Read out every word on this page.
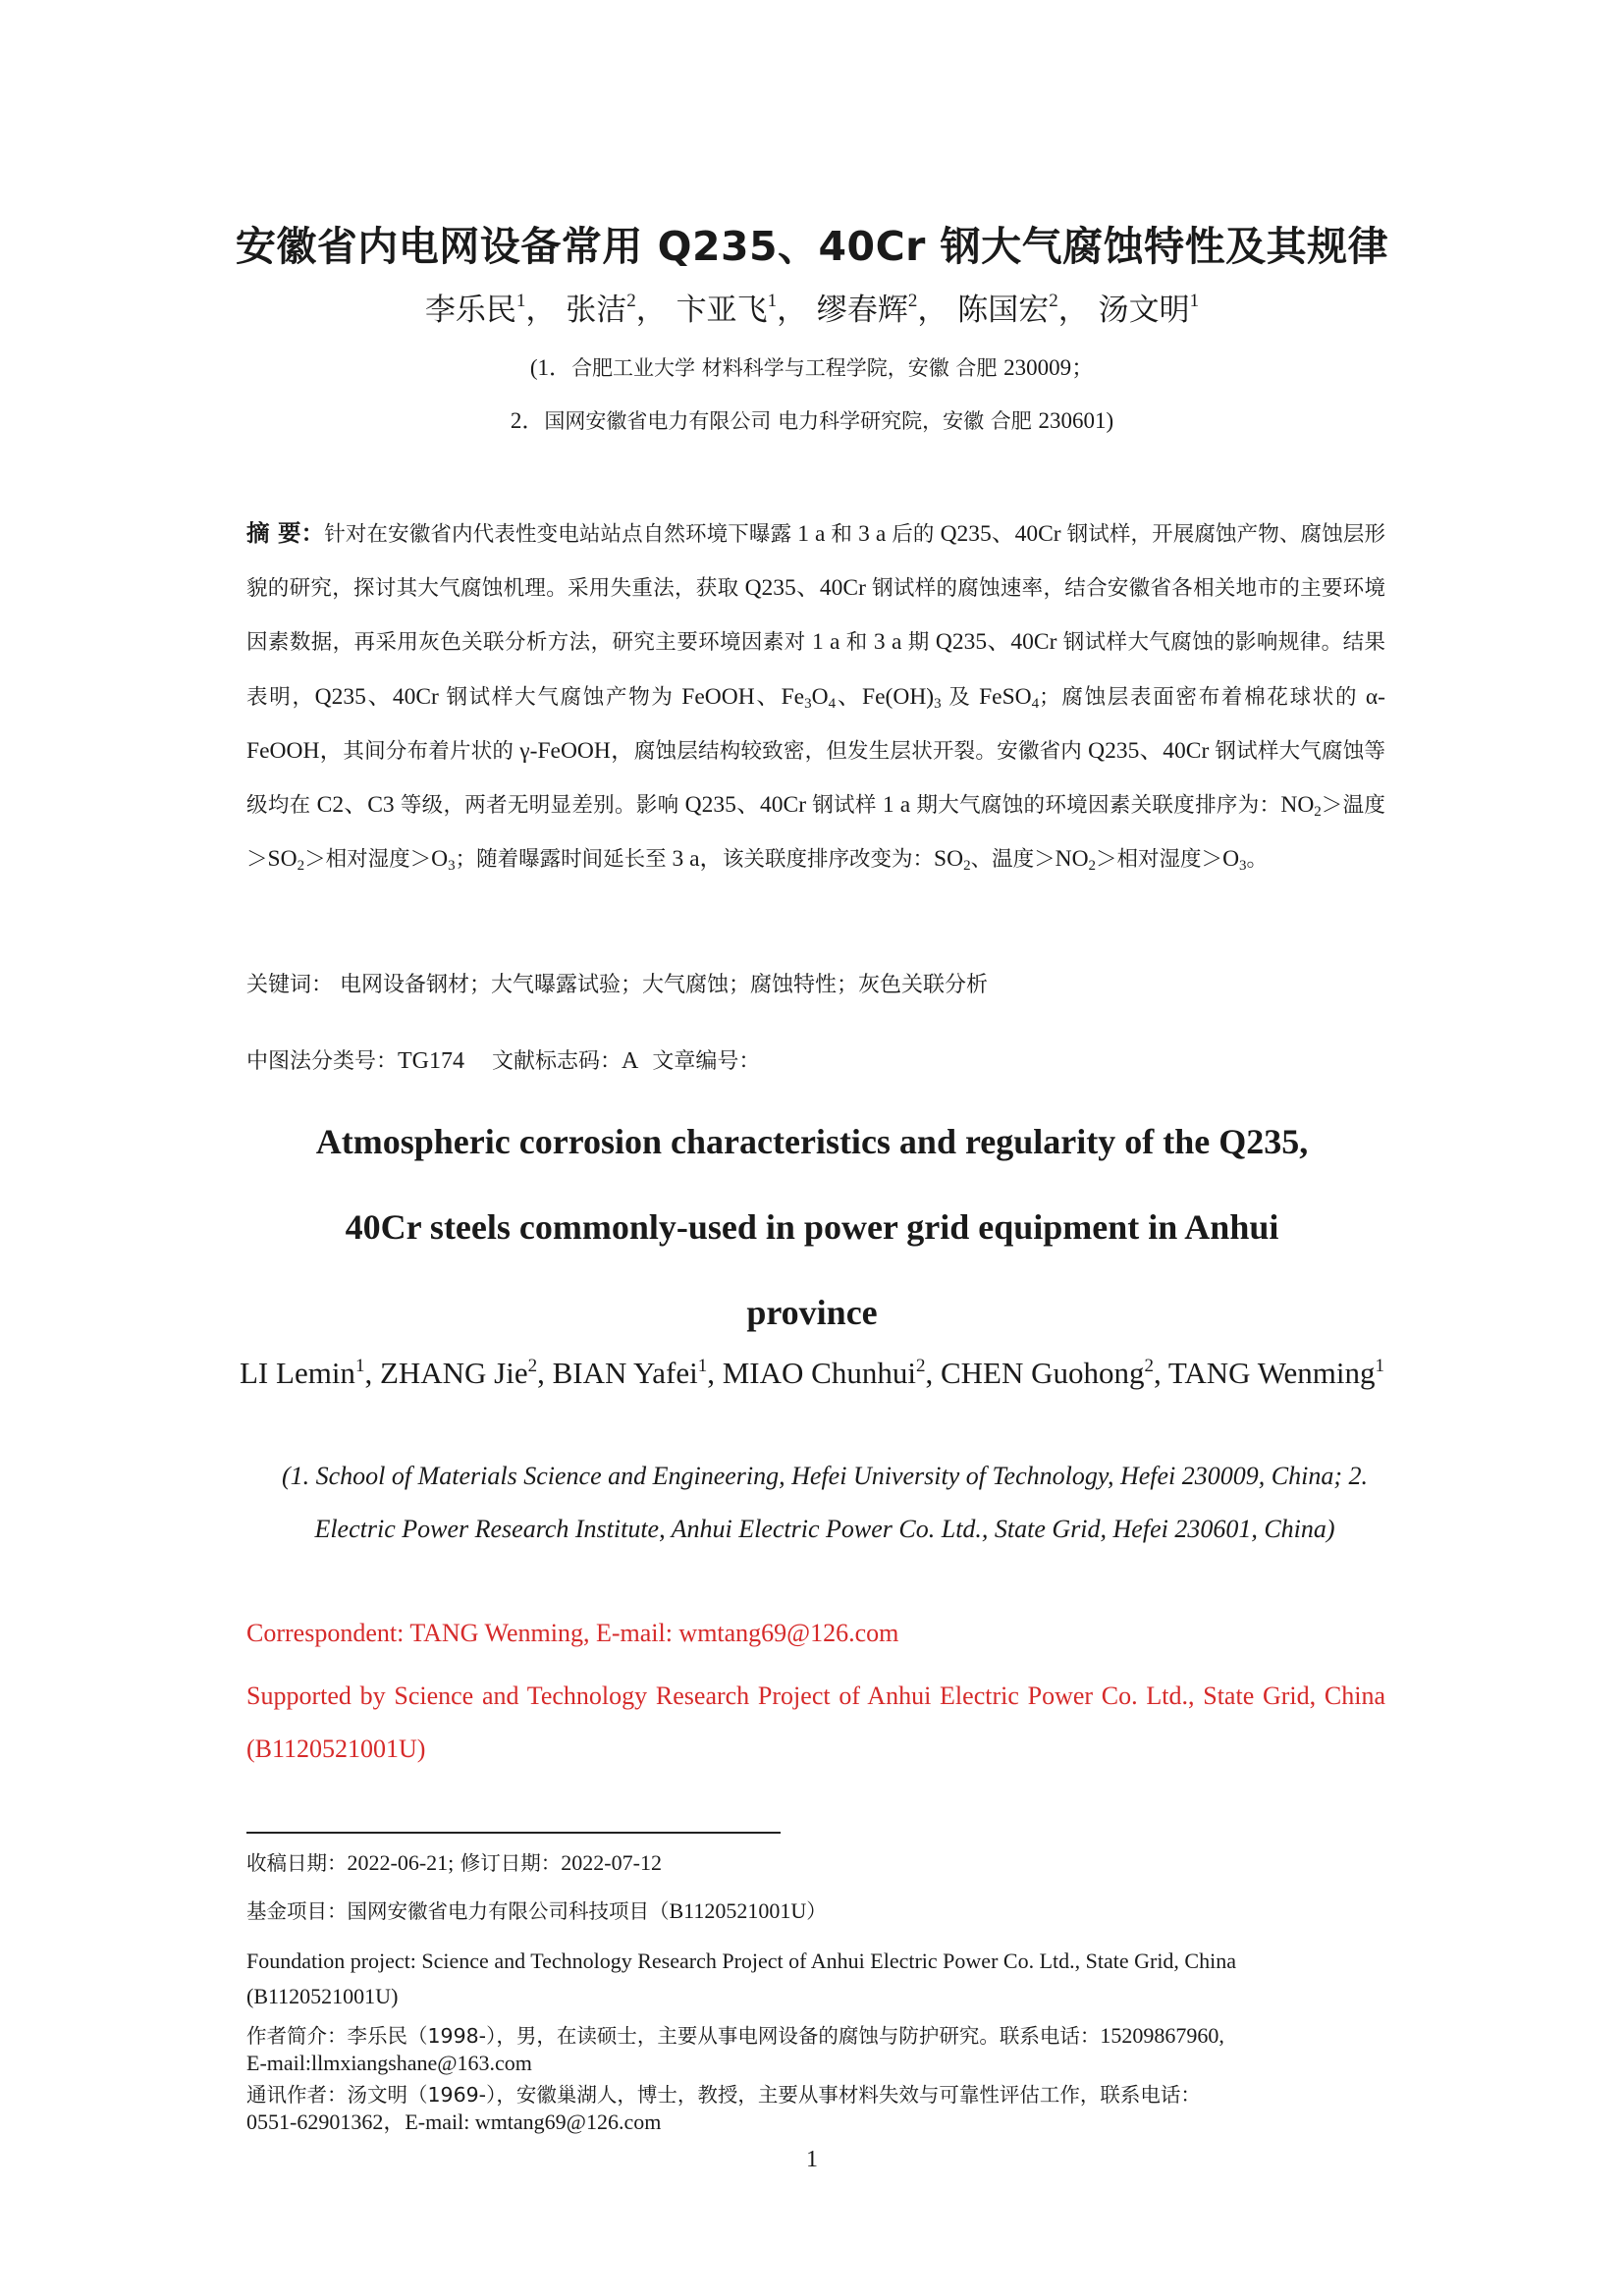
安徽省内电网设备常用 Q235、40Cr 钢大气腐蚀特性及其规律
李乐民$^1$， 张洁$^2$， 卞亚飞$^1$， 缪春辉$^2$， 陈国宏$^2$， 汤文明$^1$
(1．合肥工业大学 材料科学与工程学院，安徽 合肥 230009；
2．国网安徽省电力有限公司 电力科学研究院，安徽 合肥 230601)
摘 要：针对在安徽省内代表性变电站站点自然环境下曝露 1 a 和 3 a 后的 Q235、40Cr 钢试样，开展腐蚀产物、腐蚀层形貌的研究，探讨其大气腐蚀机理。采用失重法，获取 Q235、40Cr 钢试样的腐蚀速率，结合安徽省各相关地市的主要环境因素数据，再采用灰色关联分析方法，研究主要环境因素对 1 a 和 3 a 期 Q235、40Cr 钢试样大气腐蚀的影响规律。结果表明，Q235、40Cr 钢试样大气腐蚀产物为 FeOOH、$Fe_3O_4$、$Fe(OH)_3$ 及 FeSO$_4$；腐蚀层表面密布着棉花球状的 α-FeOOH，其间分布着片状的 γ-FeOOH，腐蚀层结构较致密，但发生层状开裂。安徽省内 Q235、40Cr 钢试样大气腐蚀等级均在 C2、C3 等级，两者无明显差别。影响 Q235、40Cr 钢试样 1 a 期大气腐蚀的环境因素关联度排序为：$NO_2>$温度$>SO_2>$相对湿度$>O_3$；随着曝露时间延长至 3 a，该关联度排序改变为：$SO_2$、温度$>NO_2>$相对湿度$>O_3$。
关键词： 电网设备钢材；大气曝露试验；大气腐蚀；腐蚀特性；灰色关联分析
中图法分类号：TG174 文献标志码：A 文章编号：
Atmospheric corrosion characteristics and regularity of the Q235,
40Cr steels commonly-used in power grid equipment in Anhui
province
LI Lemin$^1$, ZHANG Jie$^2$, BIAN Yafei$^1$, MIAO Chunhui$^2$, CHEN Guohong$^2$, TANG Wenming$^1$
(1. School of Materials Science and Engineering, Hefei University of Technology, Hefei 230009, China; 2. Electric Power Research Institute, Anhui Electric Power Co. Ltd., State Grid, Hefei 230601, China)
Correspondent: TANG Wenming, E-mail: wmtang69@126.com
Supported by Science and Technology Research Project of Anhui Electric Power Co. Ltd., State Grid, China (B1120521001U)
收稿日期：2022-06-21; 修订日期：2022-07-12
基金项目：国网安徽省电力有限公司科技项目（B1120521001U）
Foundation project: Science and Technology Research Project of Anhui Electric Power Co. Ltd., State Grid, China (B1120521001U)
作者简介：李乐民（1998-），男，在读硕士，主要从事电网设备的腐蚀与防护研究。联系电话：15209867960,
E-mail:llmxiangshane@163.com
通讯作者：汤文明（1969-），安徽巢湖人，博士，教授，主要从事材料失效与可靠性评估工作，联系电话：
0551-62901362，E-mail: wmtang69@126.com
1
